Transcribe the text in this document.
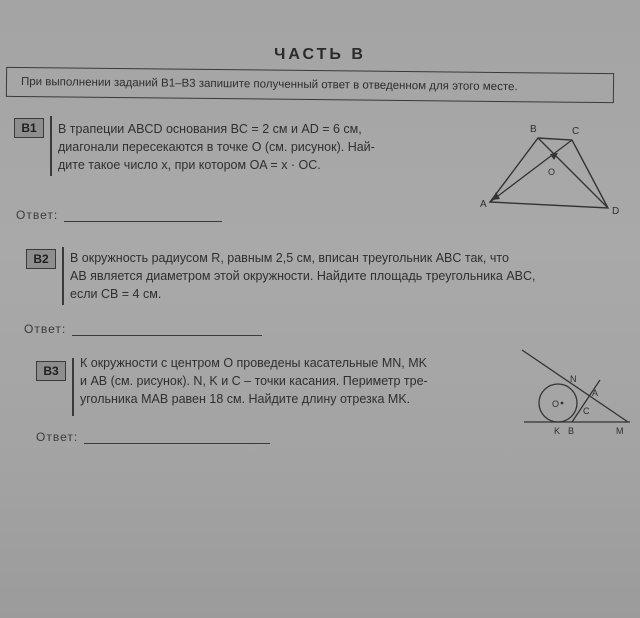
ЧАСТЬ В
При выполнении заданий В1–В3 запишите полученный ответ в отведенном для этого месте.
В1	В трапеции ABCD основания BC = 2 см и AD = 6 см,
диагонали пересекаются в точке O (см. рисунок). Най-
дите такое число x, при котором OA = x · OC.
Ответ:
B	C
O
A
D
В2	В окружность радиусом R, равным 2,5 см, вписан треугольник ABC так, что
AB является диаметром этой окружности. Найдите площадь треугольника ABC,
если CB = 4 см.
Ответ:
В3
К окружности с центром O проведены касательные MN, MK
и AB (см. рисунок). N, K и C – точки касания. Периметр тре-
угольника MAB равен 18 см. Найдите длину отрезка MK.
Ответ:
N
A
O
C
K B	M
